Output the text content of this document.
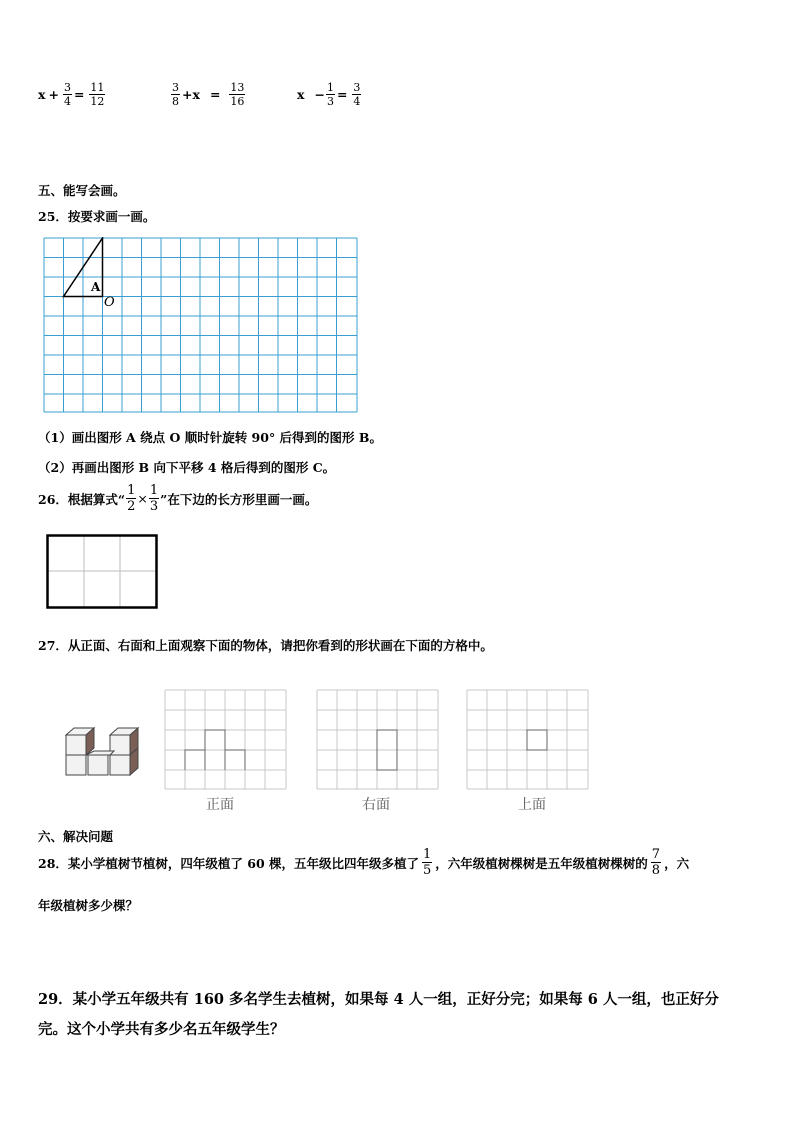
$x + \frac{3}{4} = \frac{11}{12}$	$\frac{3}{8} +x = \frac{13}{16}$	$x - \frac{1}{3} = \frac{3}{4}$
五、能写会画。
25．按要求画一画。
A
O
（1）画出图形 A 绕点 O 顺时针旋转 90° 后得到的图形 B。
（2）再画出图形 B 向下平移 4 格后得到的图形 C。
26．根据算式“ $\frac{1}{2} \times \frac{1}{3}$ ”在下边的长方形里画一画。
27．从正面、右面和上面观察下面的物体，请把你看到的形状画在下面的方格中。
正面	右面	上面
六、解决问题
28．某小学植树节植树，四年级植了 60 棵，五年级比四年级多植了 $\frac{1}{5}$ ，六年级植树棵树是五年级植树棵树的 $\frac{7}{8}$ ，六
年级植树多少棵？
29．某小学五年级共有 160 多名学生去植树，如果每 4 人一组，正好分完；如果每 6 人一组，也正好分
完。这个小学共有多少名五年级学生？
